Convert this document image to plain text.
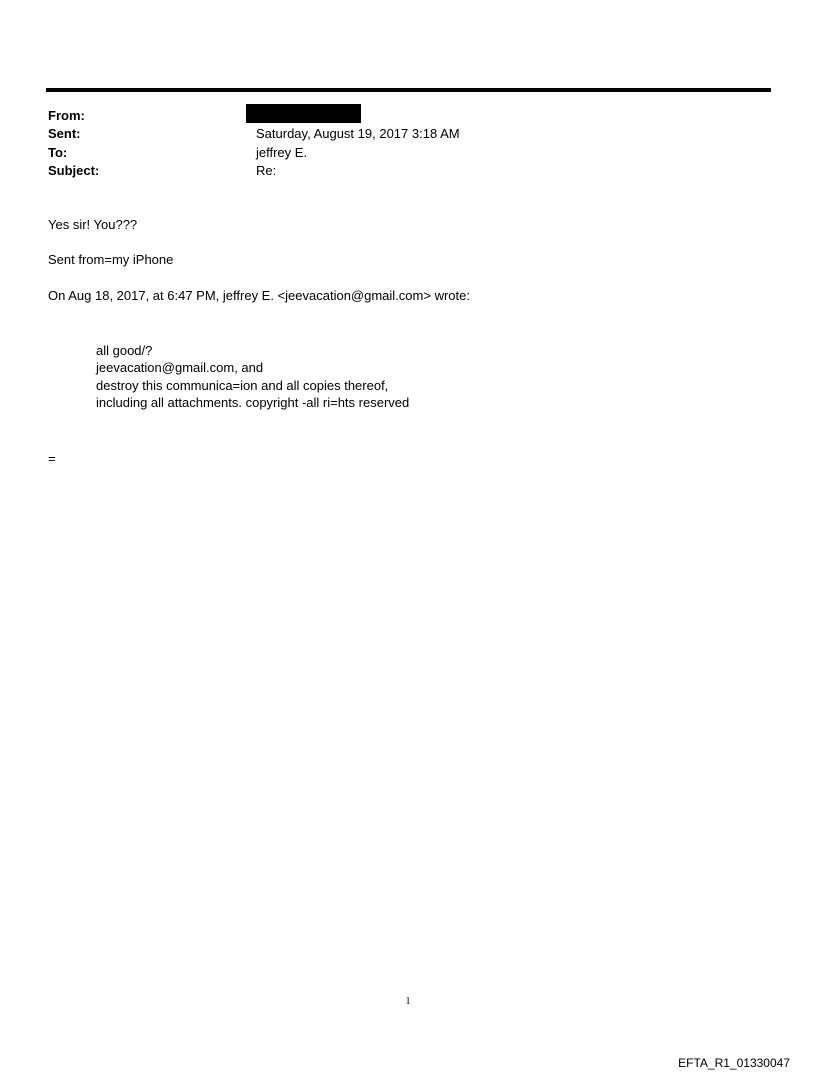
From:
Sent:	Saturday, August 19, 2017 3:18 AM
To:	jeffrey E.
Subject:	Re:
Yes sir! You???
Sent from=my iPhone
On Aug 18, 2017, at 6:47 PM, jeffrey E. <jeevacation@gmail.com> wrote:
all good/?
jeevacation@gmail.com, and
destroy this communica=ion and all copies thereof,
including all attachments. copyright -all ri=hts reserved
=
1
EFTA_R1_01330047
